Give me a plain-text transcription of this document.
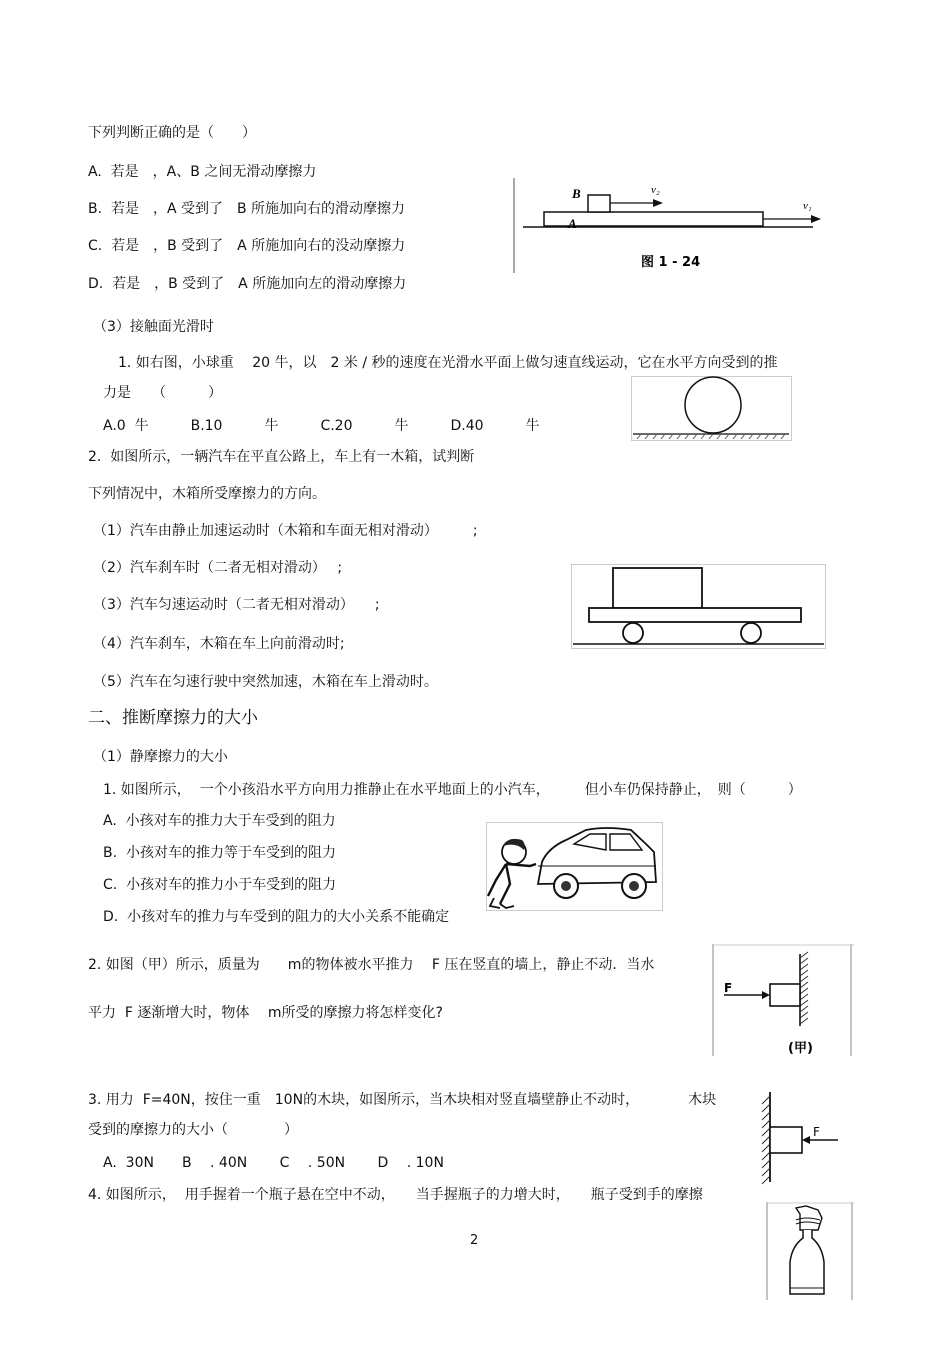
下列判断正确的是（　　）
A.  若是　，A、B 之间无滑动摩擦力
B.  若是　，A 受到了　B 所施加向右的滑动摩擦力
C.  若是　，B 受到了　A 所施加向右的没动摩擦力
D.  若是　，B 受到了　A 所施加向左的滑动摩擦力
（3）接触面光滑时
1. 如右图，小球重　 20 牛，以　2 米 / 秒的速度在光滑水平面上做匀速直线运动，它在水平方向受到的推
力是　　（　　　）
A.0  牛　　　B.10　　　牛　　　C.20　　　牛　　　D.40　　　牛
2.  如图所示，一辆汽车在平直公路上，车上有一木箱，试判断
下列情况中，木箱所受摩擦力的方向。
（1）汽车由静止加速运动时（木箱和车面无相对滑动）　　　;
（2）汽车刹车时（二者无相对滑动）　 ;
（3）汽车匀速运动时（二者无相对滑动）　　;
（4）汽车刹车，木箱在车上向前滑动时;
（5）汽车在匀速行驶中突然加速，木箱在车上滑动时。
二、推断摩擦力的大小
（1）静摩擦力的大小
1. 如图所示，  一个小孩沿水平方向用力推静止在水平地面上的小汽车，　　　但小车仍保持静止，　则（　　　）
A.  小孩对车的推力大于车受到的阻力
B.  小孩对车的推力等于车受到的阻力
C.  小孩对车的推力小于车受到的阻力
D.  小孩对车的推力与车受到的阻力的大小关系不能确定
2. 如图（甲）所示，质量为　　m的物体被水平推力　 F 压在竖直的墙上，静止不动．当水
平力  F 逐渐增大时，物体　 m所受的摩擦力将怎样变化?
3. 用力  F=40N，按住一重　10N的木块，如图所示，当木块相对竖直墙壁静止不动时，　　　　木块
受到的摩擦力的大小（　　　　）
A.  30N　　B　 . 40N　　 C　 . 50N　　 D　 . 10N
4. 如图所示，  用手握着一个瓶子悬在空中不动，　　当手握瓶子的力增大时，　　瓶子受到手的摩擦
B
A
v₂
v₁
图 1 - 24
F
(甲)
F
2
